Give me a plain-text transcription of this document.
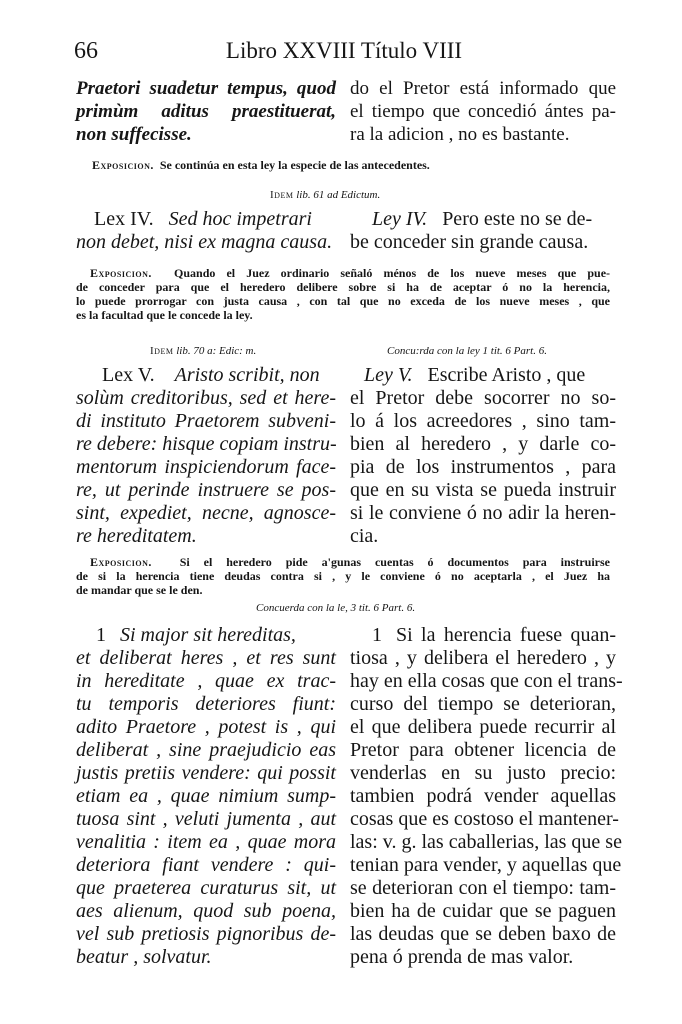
66	Libro XXVIII Título VIII
Praetori suadetur tempus, quod
primùm aditus praestituerat,
non suffecisse.
do el Pretor está informado que
el tiempo que concedió ántes pa-
ra la adicion , no es bastante.
Exposicion. Se continúa en esta ley la especie de las antecedentes.
Idem lib. 61 ad Edictum.
Lex IV. Sed hoc impetrari
non debet, nisi ex magna causa.
Ley IV. Pero este no se de-
be conceder sin grande causa.
Exposicion. Quando el Juez ordinario señaló ménos de los nueve meses que pue-
de conceder para que el heredero delibere sobre si ha de aceptar ó no la herencia,
lo puede prorrogar con justa causa , con tal que no exceda de los nueve meses , que
es la facultad que le concede la ley.
Idem lib. 70 a: Edic: m.	Concu:rda con la ley 1 tit. 6 Part. 6.
Lex V. Aristo scribit, non
solùm creditoribus, sed et here-
di instituto Praetorem subveni-
re debere: hisque copiam instru-
mentorum inspiciendorum face-
re, ut perinde instruere se pos-
sint, expediet, necne, agnosce-
re hereditatem.
Ley V. Escribe Aristo , que
el Pretor debe socorrer no so-
lo á los acreedores , sino tam-
bien al heredero , y darle co-
pia de los instrumentos , para
que en su vista se pueda instruir
si le conviene ó no adir la heren-
cia.
Exposicion. Si el heredero pide a'gunas cuentas ó documentos para instruirse
de si la herencia tiene deudas contra si , y le conviene ó no aceptarla , el Juez ha
de mandar que se le den.
Concuerda con la le, 3 tit. 6 Part. 6.
1 Si major sit hereditas,
et deliberat heres , et res sunt
in hereditate , quae ex trac-
tu temporis deteriores fiunt:
adito Praetore , potest is , qui
deliberat , sine praejudicio eas
justis pretiis vendere: qui possit
etiam ea , quae nimium sump-
tuosa sint , veluti jumenta , aut
venalitia : item ea , quae mora
deteriora fiant vendere : qui-
que praeterea curaturus sit, ut
aes alienum, quod sub poena,
vel sub pretiosis pignoribus de-
beatur , solvatur.
1 Si la herencia fuese quan-
tiosa , y delibera el heredero , y
hay en ella cosas que con el trans-
curso del tiempo se deterioran,
el que delibera puede recurrir al
Pretor para obtener licencia de
venderlas en su justo precio:
tambien podrá vender aquellas
cosas que es costoso el mantener-
las: v. g. las caballerias, las que se
tenian para vender, y aquellas que
se deterioran con el tiempo: tam-
bien ha de cuidar que se paguen
las deudas que se deben baxo de
pena ó prenda de mas valor.
